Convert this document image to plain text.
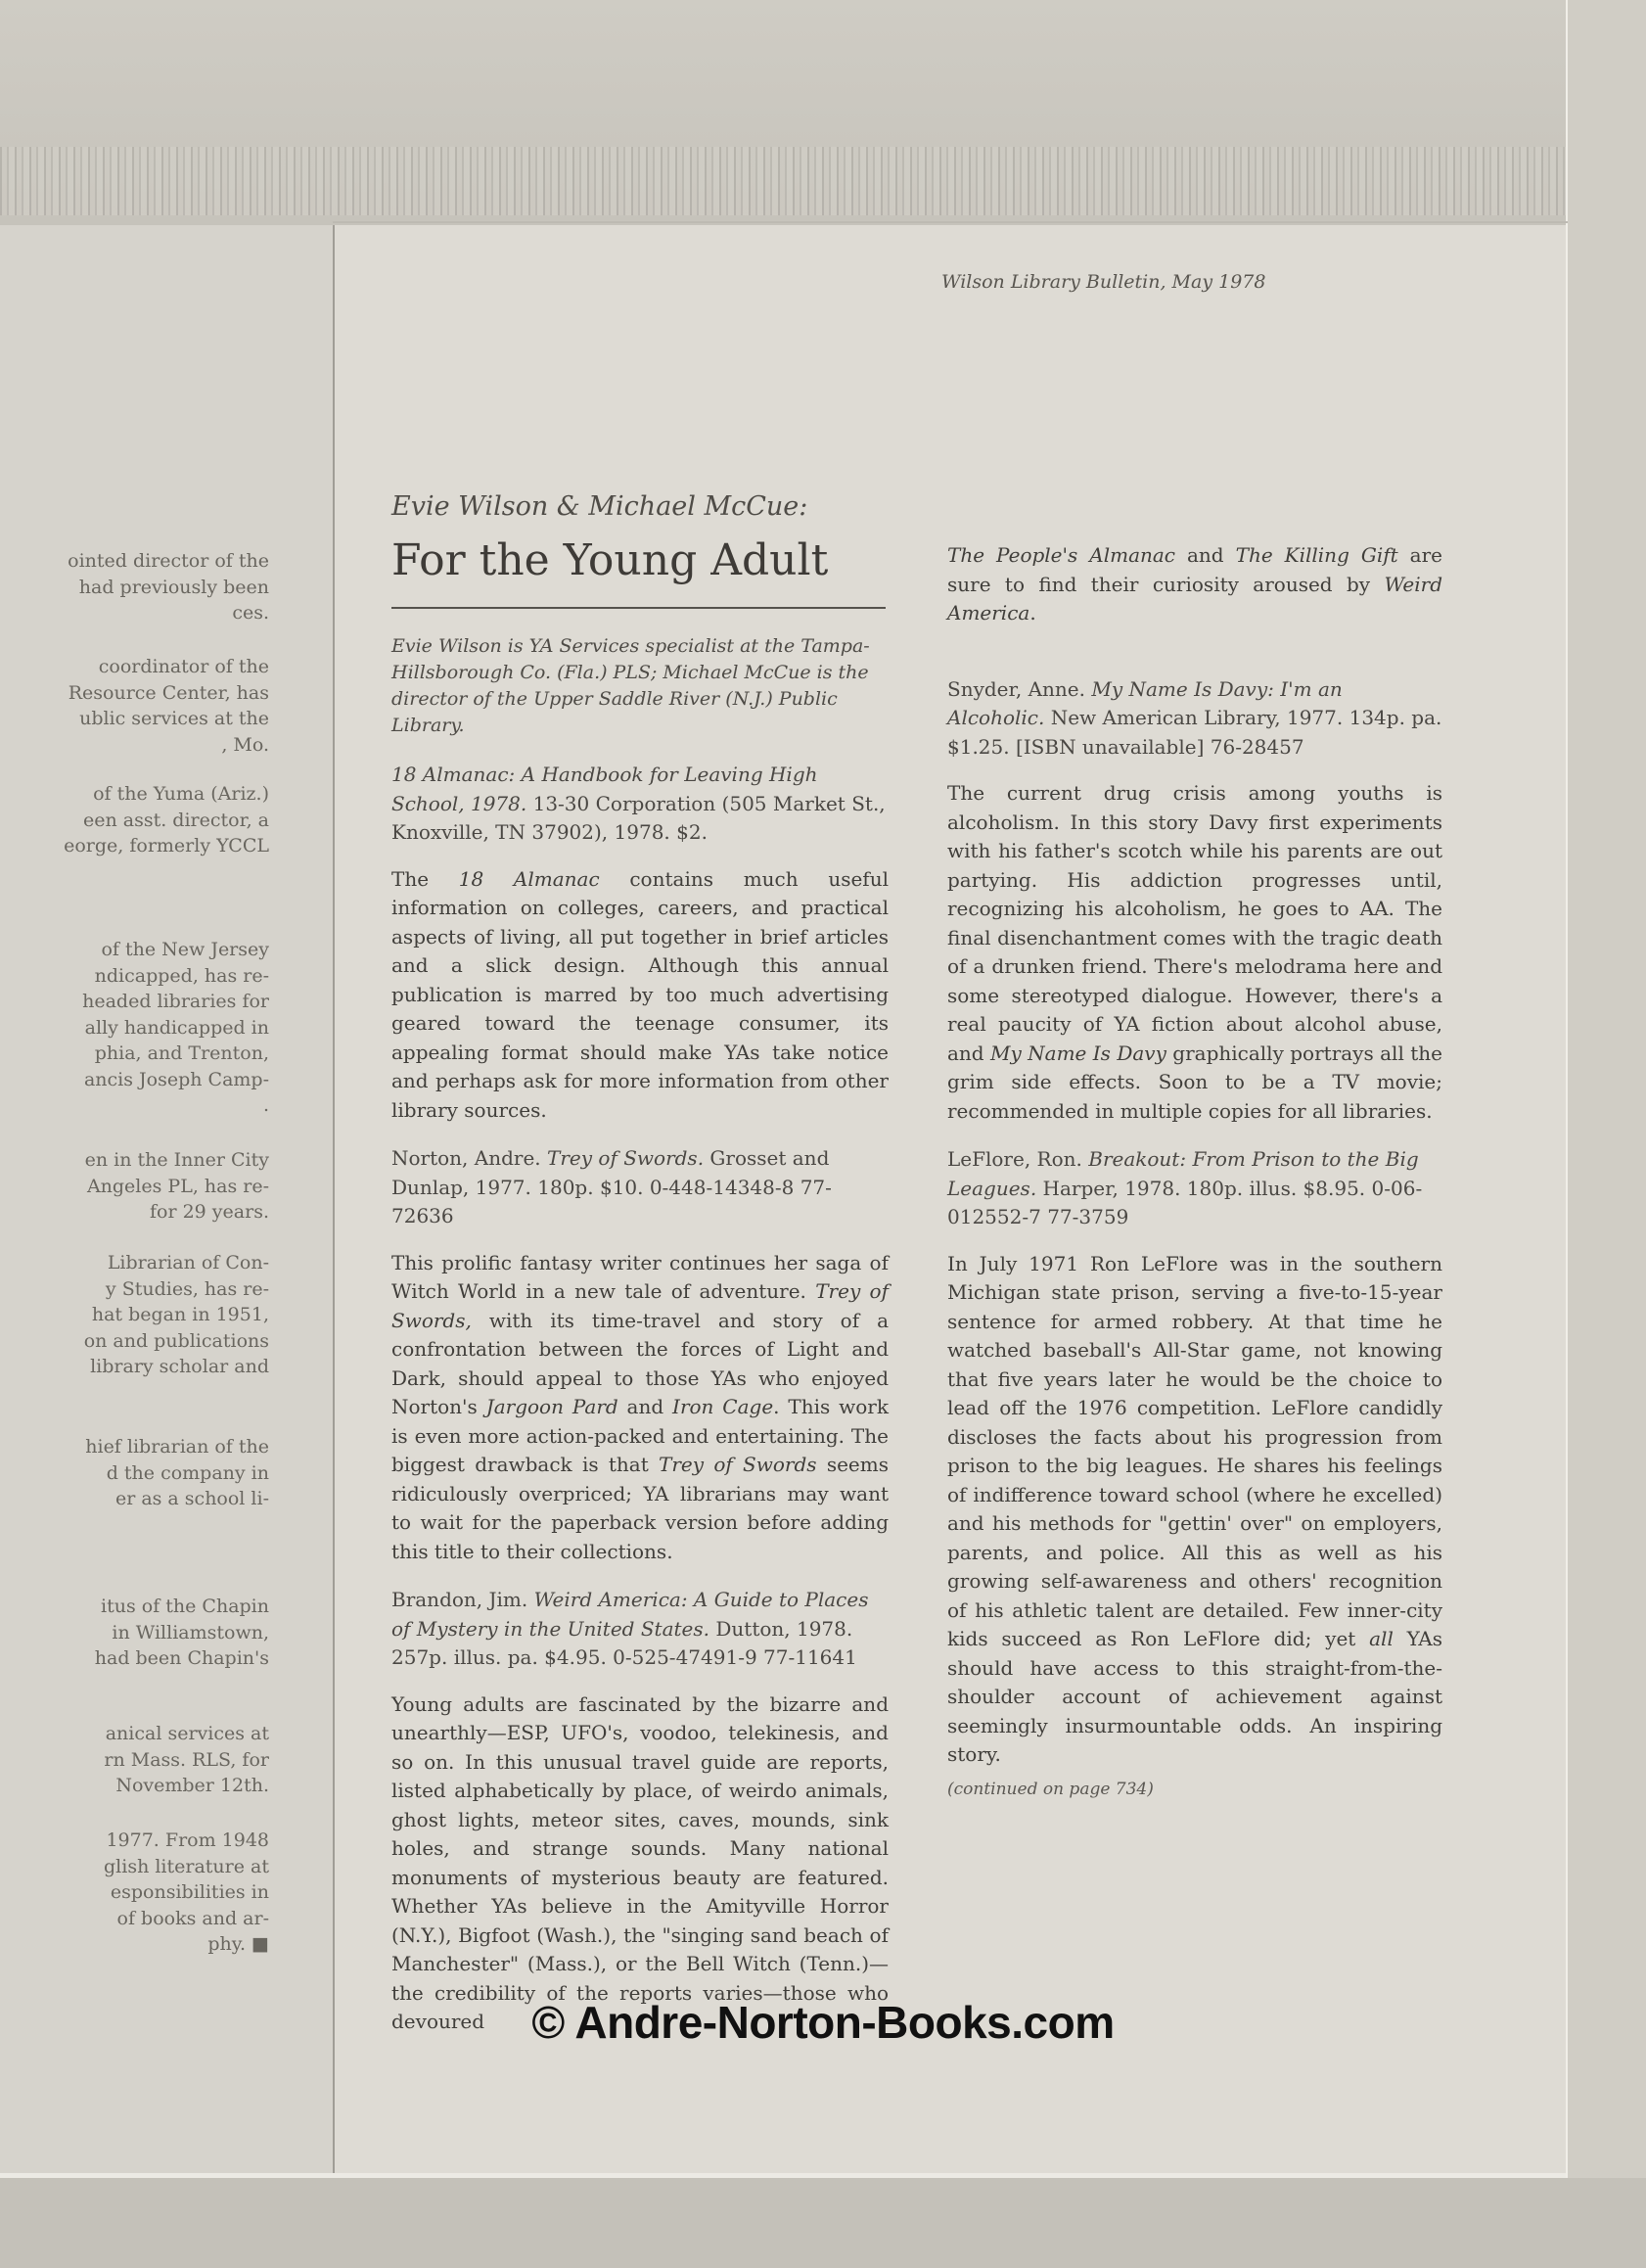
ointed director of the
had previously been
ces.
coordinator of the
Resource Center, has
ublic services at the
, Mo.
of the Yuma (Ariz.)
een asst. director, a
eorge, formerly YCCL
of the New Jersey
ndicapped, has re-
headed libraries for
ally handicapped in
phia, and Trenton,
ancis Joseph Camp-
.
en in the Inner City
Angeles PL, has re-
for 29 years.
Librarian of Con-
y Studies, has re-
hat began in 1951,
on and publications
library scholar and
hief librarian of the
d the company in
er as a school li-
itus of the Chapin
in Williamstown,
had been Chapin's
anical services at
rn Mass. RLS, for
November 12th.
1977. From 1948
glish literature at
esponsibilities in
of books and ar-
phy. ■
Wilson Library Bulletin, May 1978
Evie Wilson & Michael McCue:
For the Young Adult
Evie Wilson is YA Services specialist at the Tampa-Hillsborough Co. (Fla.) PLS; Michael McCue is the director of the Upper Saddle River (N.J.) Public Library.
18 Almanac: A Handbook for Leaving High School, 1978. 13-30 Corporation (505 Market St., Knoxville, TN 37902), 1978. $2.
The 18 Almanac contains much useful information on colleges, careers, and practical aspects of living, all put together in brief articles and a slick design. Although this annual publication is marred by too much advertising geared toward the teenage consumer, its appealing format should make YAs take notice and perhaps ask for more information from other library sources.
Norton, Andre. Trey of Swords. Grosset and Dunlap, 1977. 180p. $10. 0-448-14348-8 77-72636
This prolific fantasy writer continues her saga of Witch World in a new tale of adventure. Trey of Swords, with its time-travel and story of a confrontation between the forces of Light and Dark, should appeal to those YAs who enjoyed Norton's Jargoon Pard and Iron Cage. This work is even more action-packed and entertaining. The biggest drawback is that Trey of Swords seems ridiculously overpriced; YA librarians may want to wait for the paperback version before adding this title to their collections.
Brandon, Jim. Weird America: A Guide to Places of Mystery in the United States. Dutton, 1978. 257p. illus. pa. $4.95. 0-525-47491-9 77-11641
Young adults are fascinated by the bizarre and unearthly—ESP, UFO's, voodoo, telekinesis, and so on. In this unusual travel guide are reports, listed alphabetically by place, of weirdo animals, ghost lights, meteor sites, caves, mounds, sink holes, and strange sounds. Many national monuments of mysterious beauty are featured. Whether YAs believe in the Amityville Horror (N.Y.), Bigfoot (Wash.), the "singing sand beach of Manchester" (Mass.), or the Bell Witch (Tenn.)—the credibility of the reports varies—those who devoured
The People's Almanac and The Killing Gift are sure to find their curiosity aroused by Weird America.
Snyder, Anne. My Name Is Davy: I'm an Alcoholic. New American Library, 1977. 134p. pa. $1.25. [ISBN unavailable] 76-28457
The current drug crisis among youths is alcoholism. In this story Davy first experiments with his father's scotch while his parents are out partying. His addiction progresses until, recognizing his alcoholism, he goes to AA. The final disenchantment comes with the tragic death of a drunken friend. There's melodrama here and some stereotyped dialogue. However, there's a real paucity of YA fiction about alcohol abuse, and My Name Is Davy graphically portrays all the grim side effects. Soon to be a TV movie; recommended in multiple copies for all libraries.
LeFlore, Ron. Breakout: From Prison to the Big Leagues. Harper, 1978. 180p. illus. $8.95. 0-06-012552-7 77-3759
In July 1971 Ron LeFlore was in the southern Michigan state prison, serving a five-to-15-year sentence for armed robbery. At that time he watched baseball's All-Star game, not knowing that five years later he would be the choice to lead off the 1976 competition. LeFlore candidly discloses the facts about his progression from prison to the big leagues. He shares his feelings of indifference toward school (where he excelled) and his methods for "gettin' over" on employers, parents, and police. All this as well as his growing self-awareness and others' recognition of his athletic talent are detailed. Few inner-city kids succeed as Ron LeFlore did; yet all YAs should have access to this straight-from-the-shoulder account of achievement against seemingly insurmountable odds. An inspiring story.
(continued on page 734)
© Andre-Norton-Books.com
